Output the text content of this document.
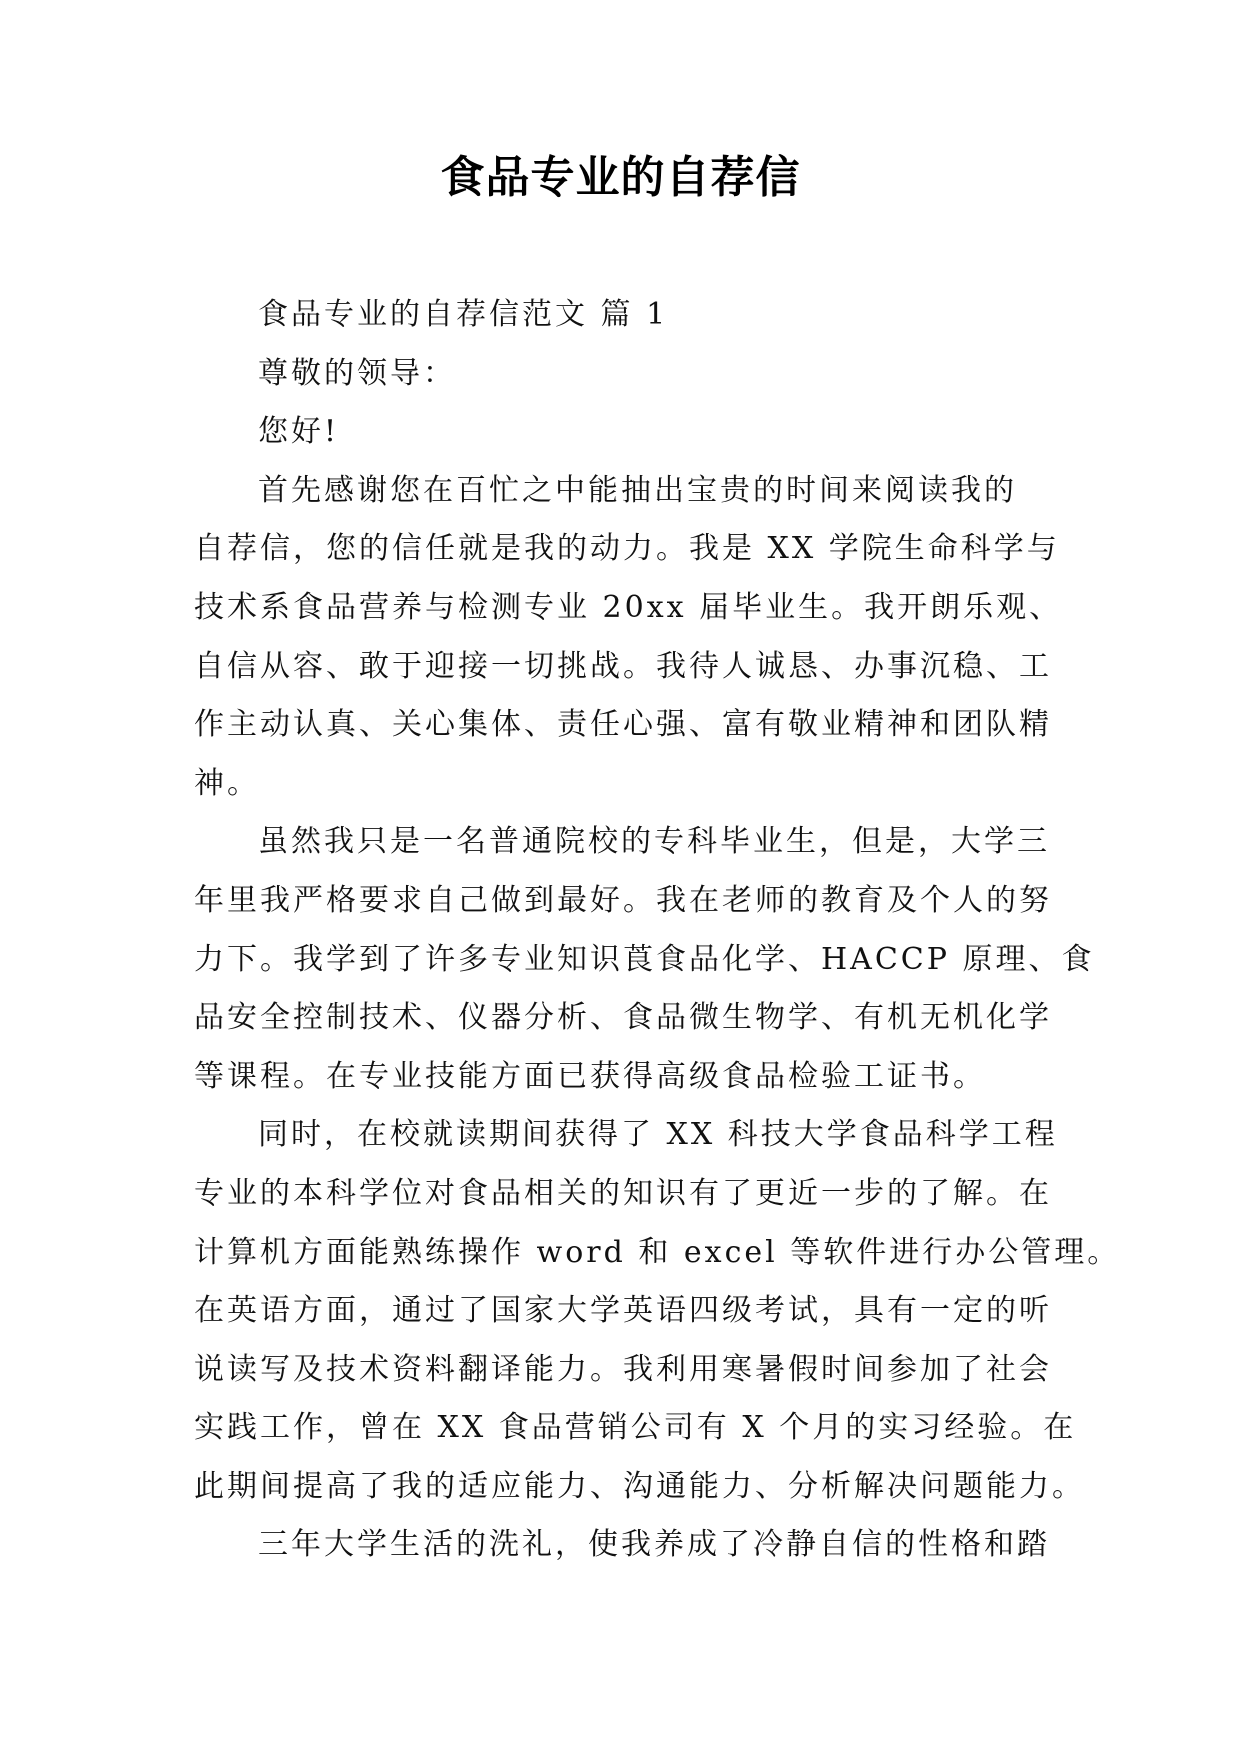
食品专业的自荐信
食品专业的自荐信范文 篇 1
尊敬的领导：
您好!
首先感谢您在百忙之中能抽出宝贵的时间来阅读我的
自荐信，您的信任就是我的动力。我是 XX 学院生命科学与
技术系食品营养与检测专业 20xx 届毕业生。我开朗乐观、
自信从容、敢于迎接一切挑战。我待人诚恳、办事沉稳、工
作主动认真、关心集体、责任心强、富有敬业精神和团队精
神。
虽然我只是一名普通院校的专科毕业生，但是，大学三
年里我严格要求自己做到最好。我在老师的教育及个人的努
力下。我学到了许多专业知识莨食品化学、HACCP 原理、食
品安全控制技术、仪器分析、食品微生物学、有机无机化学
等课程。在专业技能方面已获得高级食品检验工证书。
同时，在校就读期间获得了 XX 科技大学食品科学工程
专业的本科学位对食品相关的知识有了更近一步的了解。在
计算机方面能熟练操作 word 和 excel 等软件进行办公管理。
在英语方面，通过了国家大学英语四级考试，具有一定的听
说读写及技术资料翻译能力。我利用寒暑假时间参加了社会
实践工作，曾在 XX 食品营销公司有 X 个月的实习经验。在
此期间提高了我的适应能力、沟通能力、分析解决问题能力。
三年大学生活的洗礼，使我养成了冷静自信的性格和踏
